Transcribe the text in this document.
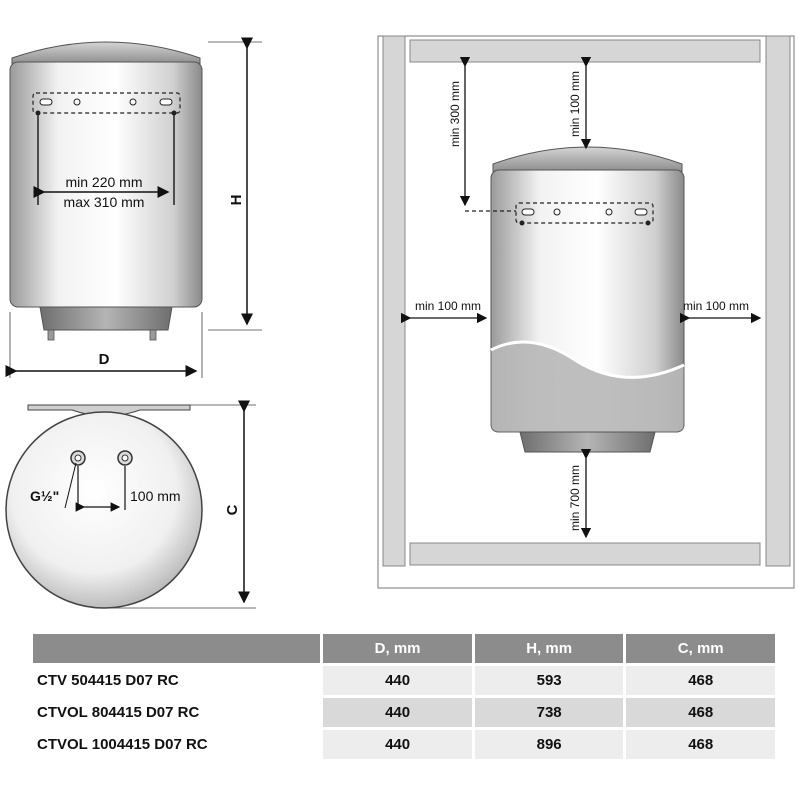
min 220 mm
max 310 mm	H
D
G½"	100 mm
C
min 300 mm	min 100 mm
min 100 mm	min 100 mm
min 700 mm
	D, mm	H, mm	C, mm
CTV 504415 D07 RC	440	593	468
CTVOL 804415 D07 RC	440	738	468
CTVOL 1004415 D07 RC	440	896	468
